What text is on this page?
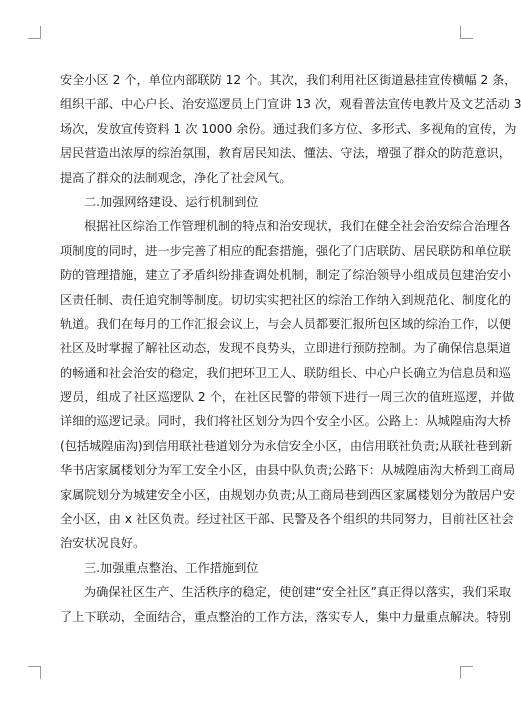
安全小区 2 个，单位内部联防 12 个。其次，我们利用社区街道悬挂宣传横幅 2 条，
组织干部、中心户长、治安巡逻员上门宣讲 13 次，观看普法宣传电教片及文艺活动 3
场次，发放宣传资料 1 次 1000 余份。通过我们多方位、多形式、多视角的宣传，为
居民营造出浓厚的综治氛围，教育居民知法、懂法、守法，增强了群众的防范意识，
提高了群众的法制观念，净化了社会风气。
二.加强网络建设、运行机制到位
根据社区综治工作管理机制的特点和治安现状，我们在健全社会治安综合治理各
项制度的同时，进一步完善了相应的配套措施，强化了门店联防、居民联防和单位联
防的管理措施，建立了矛盾纠纷排查调处机制，制定了综治领导小组成员包建治安小
区责任制、责任追究制等制度。切切实实把社区的综治工作纳入到规范化、制度化的
轨道。我们在每月的工作汇报会议上，与会人员都要汇报所包区域的综治工作，以便
社区及时掌握了解社区动态，发现不良势头，立即进行预防控制。为了确保信息渠道
的畅通和社会治安的稳定，我们把环卫工人、联防组长、中心户长确立为信息员和巡
逻员，组成了社区巡逻队 2 个，在社区民警的带领下进行一周三次的值班巡逻，并做
详细的巡逻记录。同时，我们将社区划分为四个安全小区。公路上：从城隍庙沟大桥
(包括城隍庙沟)到信用联社巷道划分为永信安全小区，由信用联社负责;从联社巷到新
华书店家属楼划分为军工安全小区，由县中队负责;公路下：从城隍庙沟大桥到工商局
家属院划分为城建安全小区，由规划办负责;从工商局巷到西区家属楼划分为散居户安
全小区，由 x 社区负责。经过社区干部、民警及各个组织的共同努力，目前社区社会
治安状况良好。
三.加强重点整治、工作措施到位
为确保社区生产、生活秩序的稳定，使创建“安全社区”真正得以落实，我们采取
了上下联动，全面结合，重点整治的工作方法，落实专人，集中力量重点解决。特别
